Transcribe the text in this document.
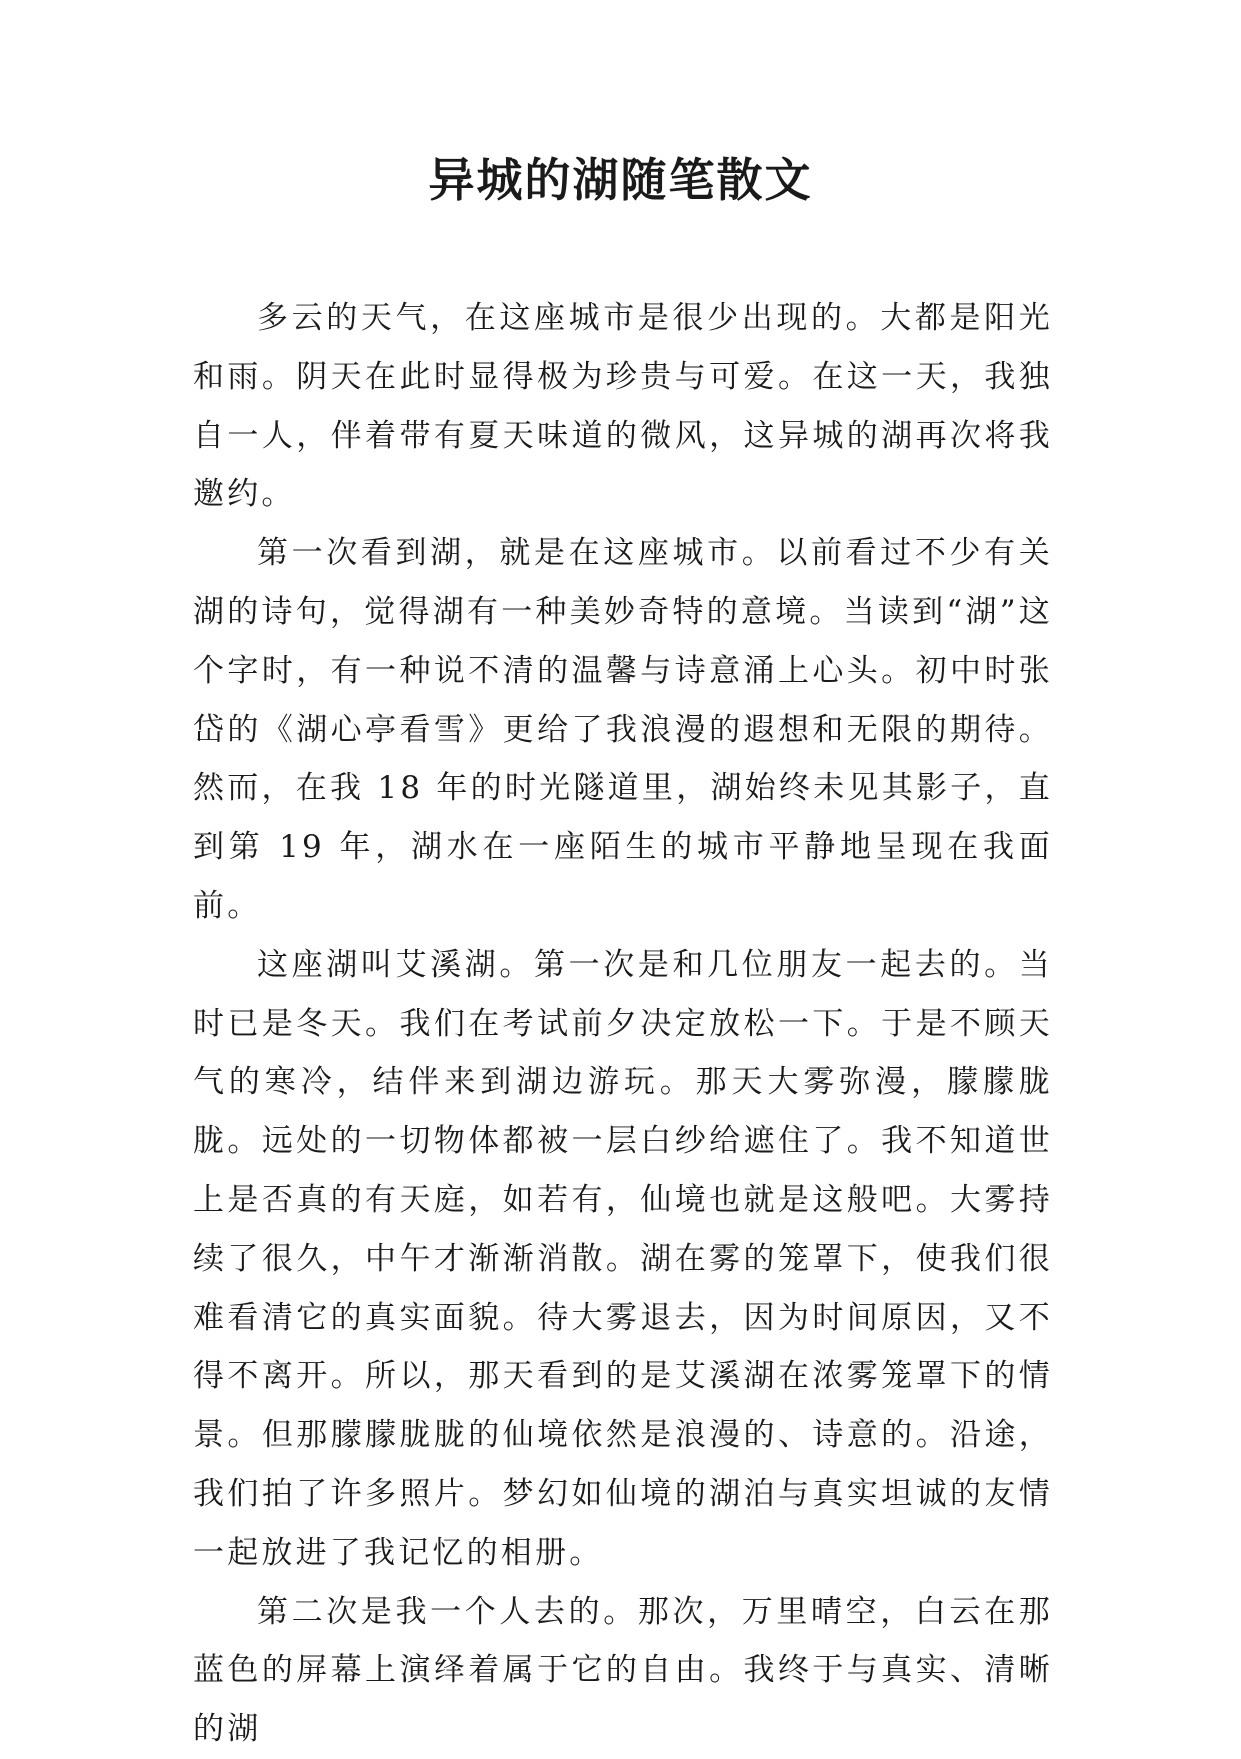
异城的湖随笔散文

多云的天气，在这座城市是很少出现的。大都是阳光和雨。阴天在此时显得极为珍贵与可爱。在这一天，我独自一人，伴着带有夏天味道的微风，这异城的湖再次将我邀约。

第一次看到湖，就是在这座城市。以前看过不少有关湖的诗句，觉得湖有一种美妙奇特的意境。当读到“湖”这个字时，有一种说不清的温馨与诗意涌上心头。初中时张岱的《湖心亭看雪》更给了我浪漫的遐想和无限的期待。然而，在我 18 年的时光隧道里，湖始终未见其影子，直到第 19 年，湖水在一座陌生的城市平静地呈现在我面前。

这座湖叫艾溪湖。第一次是和几位朋友一起去的。当时已是冬天。我们在考试前夕决定放松一下。于是不顾天气的寒冷，结伴来到湖边游玩。那天大雾弥漫，朦朦胧胧。远处的一切物体都被一层白纱给遮住了。我不知道世上是否真的有天庭，如若有，仙境也就是这般吧。大雾持续了很久，中午才渐渐消散。湖在雾的笼罩下，使我们很难看清它的真实面貌。待大雾退去，因为时间原因，又不得不离开。所以，那天看到的是艾溪湖在浓雾笼罩下的情景。但那朦朦胧胧的仙境依然是浪漫的、诗意的。沿途，我们拍了许多照片。梦幻如仙境的湖泊与真实坦诚的友情一起放进了我记忆的相册。

第二次是我一个人去的。那次，万里晴空，白云在那蓝色的屏幕上演绎着属于它的自由。我终于与真实、清晰的湖
